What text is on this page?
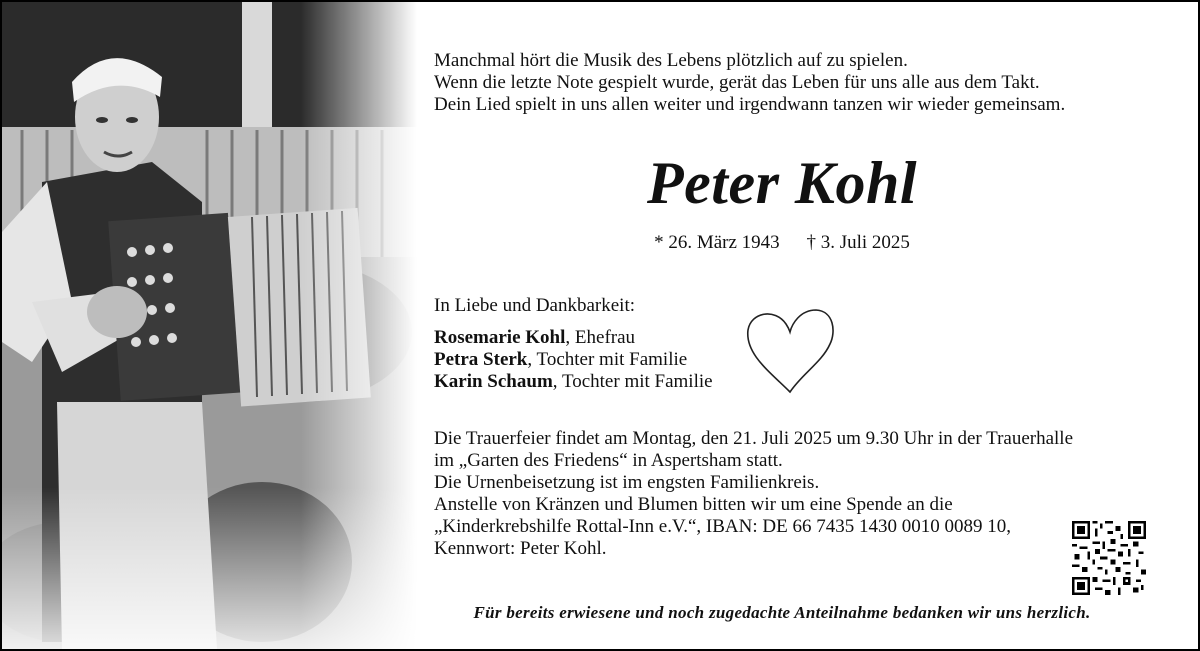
Manchmal hört die Musik des Lebens plötzlich auf zu spielen.
Wenn die letzte Note gespielt wurde, gerät das Leben für uns alle aus dem Takt.
Dein Lied spielt in uns allen weiter und irgendwann tanzen wir wieder gemeinsam.
Peter Kohl
* 26. März 1943 † 3. Juli 2025
In Liebe und Dankbarkeit:
Rosemarie Kohl, Ehefrau
Petra Sterk, Tochter mit Familie
Karin Schaum, Tochter mit Familie
Die Trauerfeier findet am Montag, den 21. Juli 2025 um 9.30 Uhr in der Trauerhalle
im „Garten des Friedens“ in Aspertsham statt.
Die Urnenbeisetzung ist im engsten Familienkreis.
Anstelle von Kränzen und Blumen bitten wir um eine Spende an die
„Kinderkrebshilfe Rottal-Inn e.V.“, IBAN: DE 66 7435 1430 0010 0089 10,
Kennwort: Peter Kohl.
Für bereits erwiesene und noch zugedachte Anteilnahme bedanken wir uns herzlich.
